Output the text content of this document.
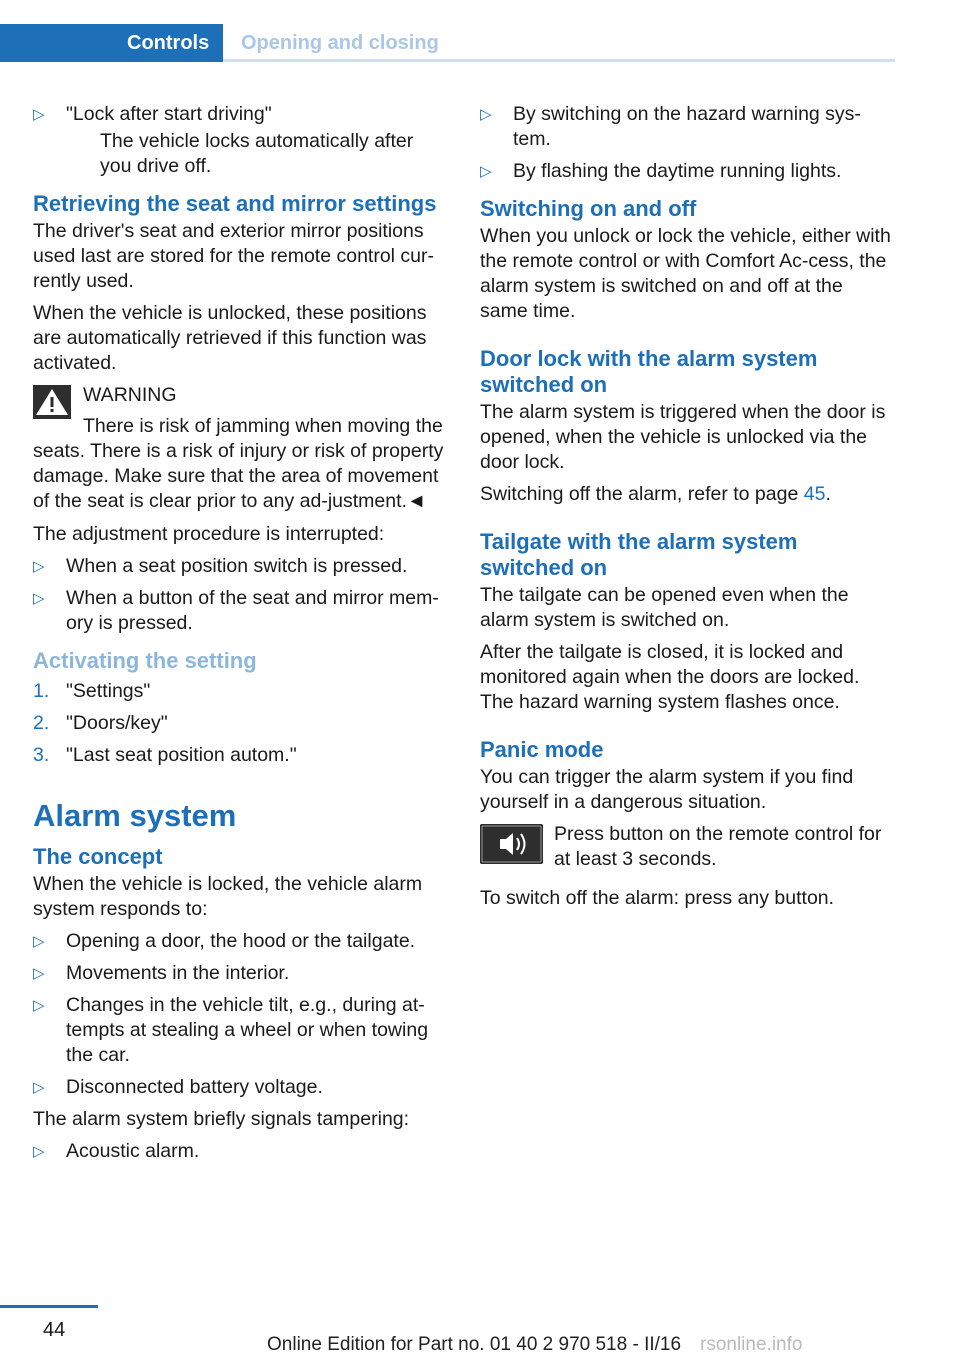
Controls	Opening and closing
▷ "Lock after start driving"

The vehicle locks automatically after you drive off.

Retrieving the seat and mirror settings

The driver's seat and exterior mirror positions used last are stored for the remote control cur-rently used.

When the vehicle is unlocked, these positions are automatically retrieved if this function was activated.

WARNING
There is risk of jamming when moving the seats. There is a risk of injury or risk of property damage. Make sure that the area of movement of the seat is clear prior to any ad-justment.◄

The adjustment procedure is interrupted:

▷ When a seat position switch is pressed.
▷ When a button of the seat and mirror mem-ory is pressed.
Activating the setting
1. "Settings"
2. "Doors/key"
3. "Last seat position autom."
Alarm system
The concept

When the vehicle is locked, the vehicle alarm system responds to:

▷ Opening a door, the hood or the tailgate.
▷ Movements in the interior.
▷ Changes in the vehicle tilt, e.g., during at-tempts at stealing a wheel or when towing the car.
▷ Disconnected battery voltage.

The alarm system briefly signals tampering:

▷ Acoustic alarm.
▷ By switching on the hazard warning sys-tem.
▷ By flashing the daytime running lights.
Switching on and off

When you unlock or lock the vehicle, either with the remote control or with Comfort Ac-cess, the alarm system is switched on and off at the same time.

Door lock with the alarm system switched on

The alarm system is triggered when the door is opened, when the vehicle is unlocked via the door lock.

Switching off the alarm, refer to page 45.

Tailgate with the alarm system switched on

The tailgate can be opened even when the alarm system is switched on.

After the tailgate is closed, it is locked and monitored again when the doors are locked. The hazard warning system flashes once.

Panic mode

You can trigger the alarm system if you find yourself in a dangerous situation.

Press button on the remote control for at least 3 seconds.

To switch off the alarm: press any button.

44
Online Edition for Part no. 01 40 2 970 518 - II/16 rsonline.info
